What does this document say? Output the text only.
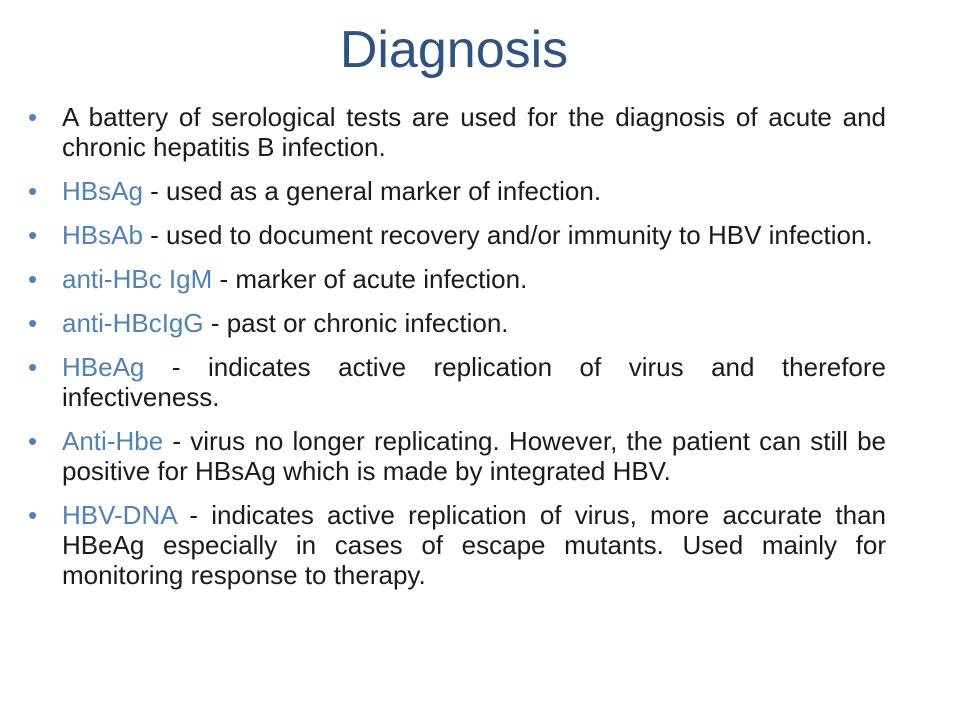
Diagnosis
• A battery of serological tests are used for the diagnosis of acute and chronic hepatitis B infection.
• HBsAg - used as a general marker of infection.
• HBsAb - used to document recovery and/or immunity to HBV infection.
• anti-HBc IgM - marker of acute infection.
• anti-HBcIgG - past or chronic infection.
• HBeAg - indicates active replication of virus and therefore infectiveness.
• Anti-Hbe - virus no longer replicating. However, the patient can still be positive for HBsAg which is made by integrated HBV.
• HBV-DNA - indicates active replication of virus, more accurate than HBeAg especially in cases of escape mutants. Used mainly for monitoring response to therapy.
